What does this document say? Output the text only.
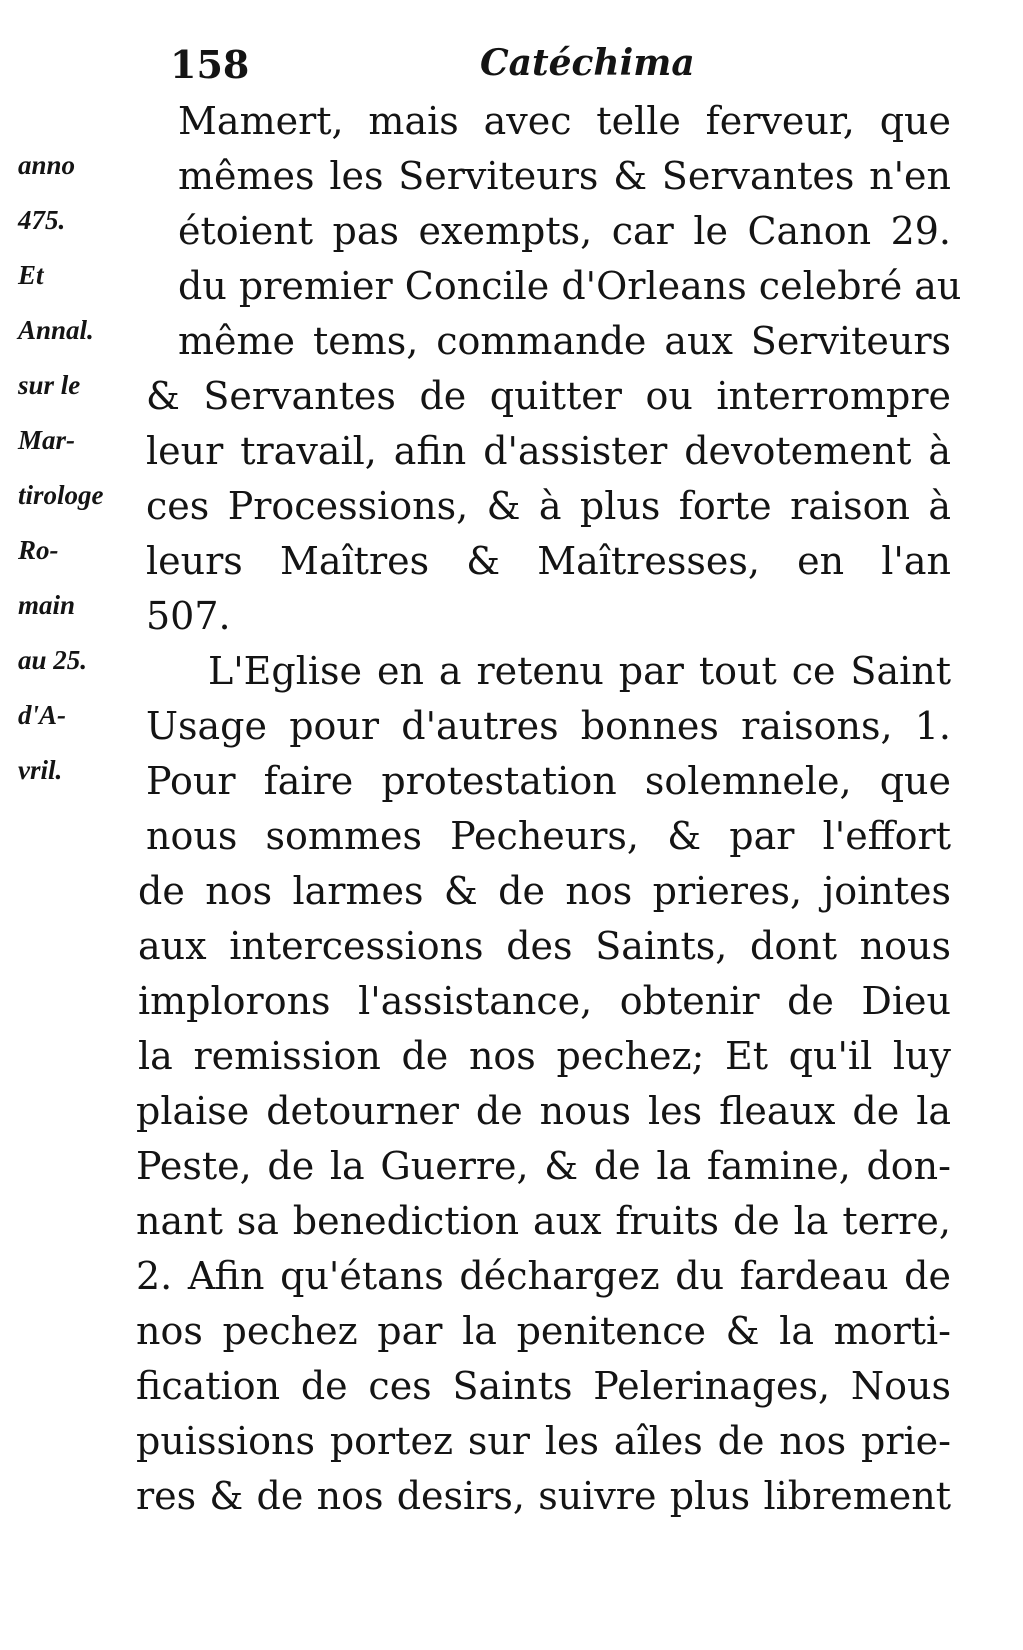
158	Catéchima
anno
475.
Et
Annal.
sur le
Mar-
tirologe
Ro-
main
au 25.
d'A-
vril.
Mamert, mais avec telle ferveur, que
mêmes les Serviteurs & Servantes n'en
étoient pas exempts, car le Canon 29.
du premier Concile d'Orleans celebré au
même tems, commande aux Serviteurs
& Servantes de quitter ou interrompre
leur travail, afin d'assister devotement à
ces Processions, & à plus forte raison à
leurs Maîtres & Maîtresses, en l'an
507.
L'Eglise en a retenu par tout ce Saint
Usage pour d'autres bonnes raisons, 1.
Pour faire protestation solemnele, que
nous sommes Pecheurs, & par l'effort
de nos larmes & de nos prieres, jointes
aux intercessions des Saints, dont nous
implorons l'assistance, obtenir de Dieu
la remission de nos pechez; Et qu'il luy
plaise detourner de nous les fleaux de la
Peste, de la Guerre, & de la famine, don-
nant sa benediction aux fruits de la terre,
2. Afin qu'étans déchargez du fardeau de
nos pechez par la penitence & la morti-
fication de ces Saints Pelerinages, Nous
puissions portez sur les aîles de nos prie-
res & de nos desirs, suivre plus librement
